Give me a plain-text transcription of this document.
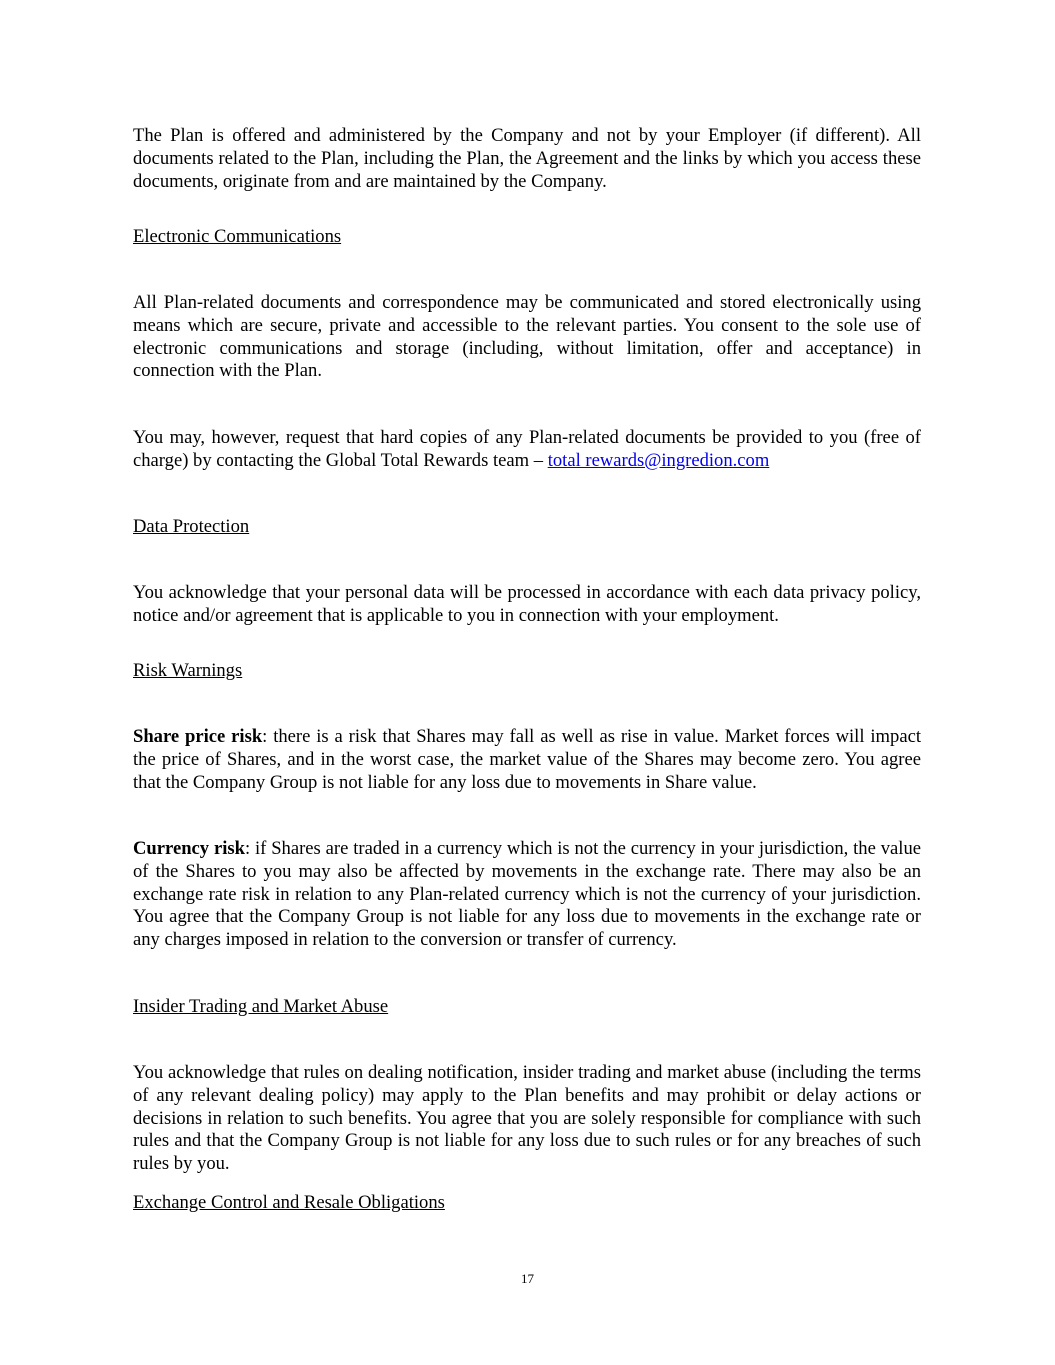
The Plan is offered and administered by the Company and not by your Employer (if different). All documents related to the Plan, including the Plan, the Agreement and the links by which you access these documents, originate from and are maintained by the Company.

Electronic Communications

All Plan-related documents and correspondence may be communicated and stored electronically using means which are secure, private and accessible to the relevant parties. You consent to the sole use of electronic communications and storage (including, without limitation, offer and acceptance) in connection with the Plan.

You may, however, request that hard copies of any Plan-related documents be provided to you (free of charge) by contacting the Global Total Rewards team – total rewards@ingredion.com

Data Protection

You acknowledge that your personal data will be processed in accordance with each data privacy policy, notice and/or agreement that is applicable to you in connection with your employment.

Risk Warnings

Share price risk: there is a risk that Shares may fall as well as rise in value. Market forces will impact the price of Shares, and in the worst case, the market value of the Shares may become zero. You agree that the Company Group is not liable for any loss due to movements in Share value.

Currency risk: if Shares are traded in a currency which is not the currency in your jurisdiction, the value of the Shares to you may also be affected by movements in the exchange rate. There may also be an exchange rate risk in relation to any Plan-related currency which is not the currency of your jurisdiction. You agree that the Company Group is not liable for any loss due to movements in the exchange rate or any charges imposed in relation to the conversion or transfer of currency.

Insider Trading and Market Abuse

You acknowledge that rules on dealing notification, insider trading and market abuse (including the terms of any relevant dealing policy) may apply to the Plan benefits and may prohibit or delay actions or decisions in relation to such benefits. You agree that you are solely responsible for compliance with such rules and that the Company Group is not liable for any loss due to such rules or for any breaches of such rules by you.

Exchange Control and Resale Obligations

17
